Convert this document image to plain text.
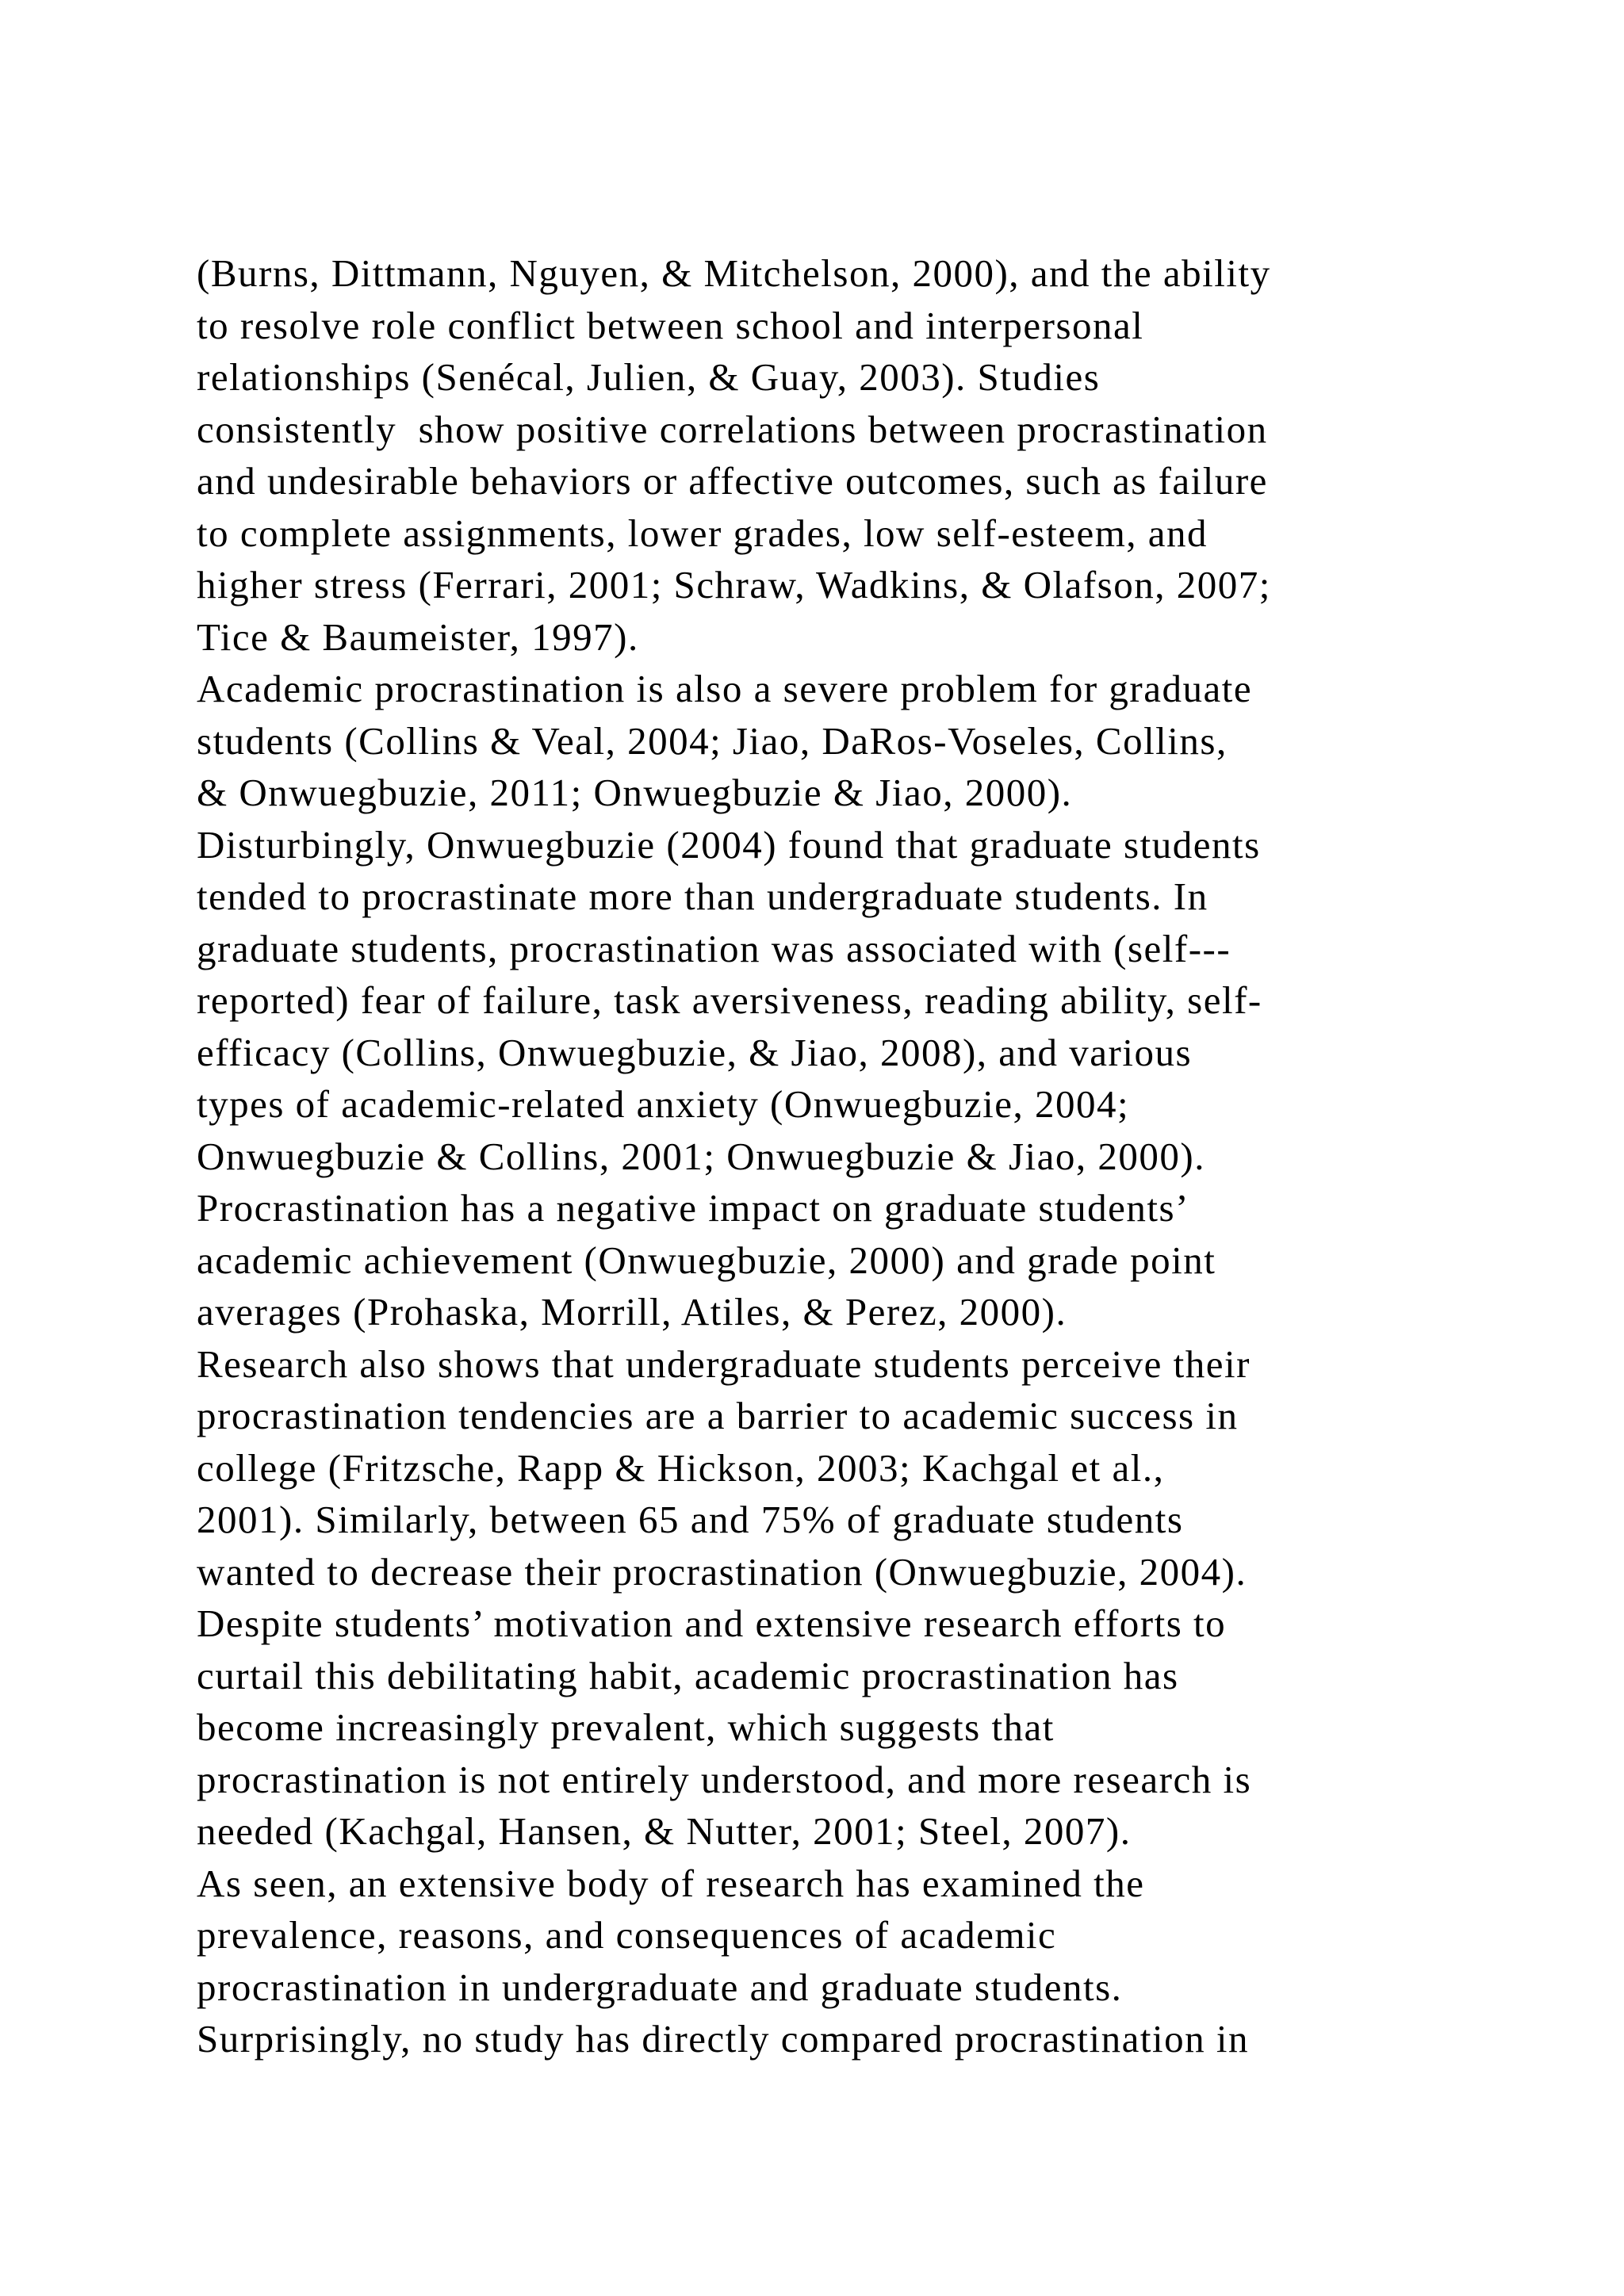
(Burns, Dittmann, Nguyen, & Mitchelson, 2000), and the ability
to resolve role conflict between school and interpersonal
relationships (Senécal, Julien, & Guay, 2003). Studies
consistently  show positive correlations between procrastination
and undesirable behaviors or affective outcomes, such as failure
to complete assignments, lower grades, low self-esteem, and
higher stress (Ferrari, 2001; Schraw, Wadkins, & Olafson, 2007;
Tice & Baumeister, 1997).
Academic procrastination is also a severe problem for graduate
students (Collins & Veal, 2004; Jiao, DaRos-Voseles, Collins,
& Onwuegbuzie, 2011; Onwuegbuzie & Jiao, 2000).
Disturbingly, Onwuegbuzie (2004) found that graduate students
tended to procrastinate more than undergraduate students. In
graduate students, procrastination was associated with (self---
reported) fear of failure, task aversiveness, reading ability, self-
efficacy (Collins, Onwuegbuzie, & Jiao, 2008), and various
types of academic-related anxiety (Onwuegbuzie, 2004;
Onwuegbuzie & Collins, 2001; Onwuegbuzie & Jiao, 2000).
Procrastination has a negative impact on graduate students’
academic achievement (Onwuegbuzie, 2000) and grade point
averages (Prohaska, Morrill, Atiles, & Perez, 2000).
Research also shows that undergraduate students perceive their
procrastination tendencies are a barrier to academic success in
college (Fritzsche, Rapp & Hickson, 2003; Kachgal et al.,
2001). Similarly, between 65 and 75% of graduate students
wanted to decrease their procrastination (Onwuegbuzie, 2004).
Despite students’ motivation and extensive research efforts to
curtail this debilitating habit, academic procrastination has
become increasingly prevalent, which suggests that
procrastination is not entirely understood, and more research is
needed (Kachgal, Hansen, & Nutter, 2001; Steel, 2007).
As seen, an extensive body of research has examined the
prevalence, reasons, and consequences of academic
procrastination in undergraduate and graduate students.
Surprisingly, no study has directly compared procrastination in
